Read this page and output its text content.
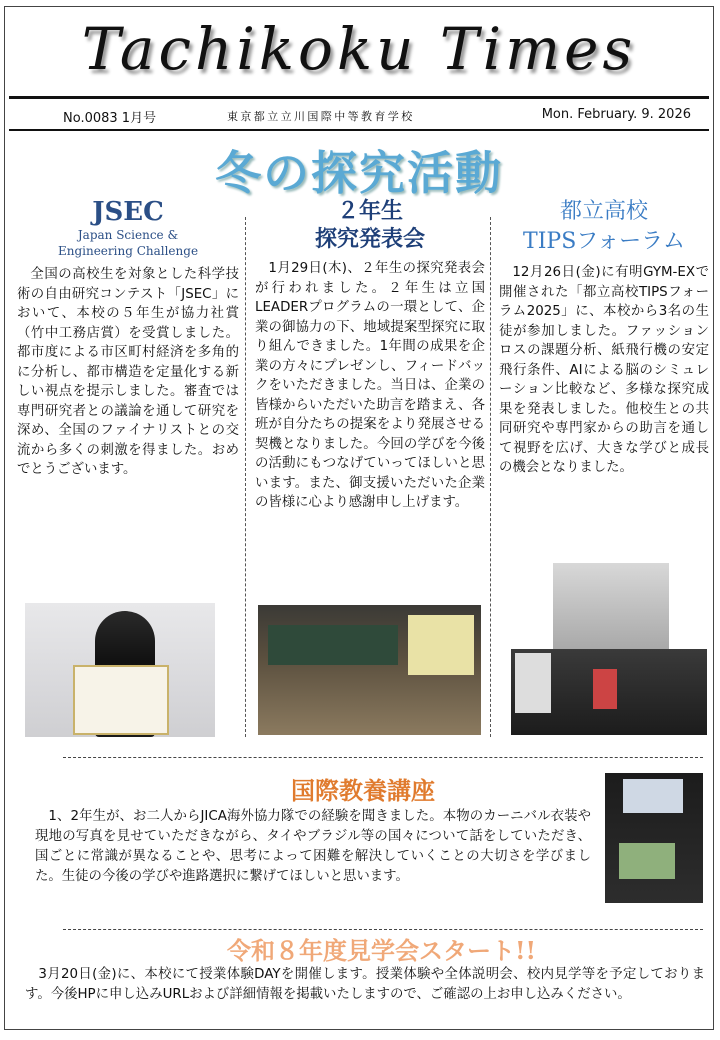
Tachikoku Times
No.0083 1月号	東京都立立川国際中等教育学校	Mon. February. 9. 2026
冬の探究活動
JSEC
Japan Science &
Engineering Challenge

全国の高校生を対象とした科学技術の自由研究コンテスト「JSEC」において、本校の５年生が協力社賞（竹中工務店賞）を受賞しました。都市度による市区町村経済を多角的に分析し、都市構造を定量化する新しい視点を提示しました。審査では専門研究者との議論を通して研究を深め、全国のファイナリストとの交流から多くの刺激を得ました。おめでとうございます。

２年生
探究発表会

1月29日(木)、２年生の探究発表会が行われました。２年生は立国LEADERプログラムの一環として、企業の御協力の下、地域提案型探究に取り組んできました。1年間の成果を企業の方々にプレゼンし、フィードバックをいただきました。当日は、企業の皆様からいただいた助言を踏まえ、各班が自分たちの提案をより発展させる契機となりました。今回の学びを今後の活動にもつなげていってほしいと思います。また、御支援いただいた企業の皆様に心より感謝申し上げます。

都立高校
TIPSフォーラム

12月26日(金)に有明GYM-EXで開催された「都立高校TIPSフォーラム2025」に、本校から3名の生徒が参加しました。ファッションロスの課題分析、紙飛行機の安定飛行条件、AIによる脳のシミュレーション比較など、多様な探究成果を発表しました。他校生との共同研究や専門家からの助言を通して視野を広げ、大きな学びと成長の機会となりました。

国際教養講座
1、2年生が、お二人からJICA海外協力隊での経験を聞きました。本物のカーニバル衣装や現地の写真を見せていただきながら、タイやブラジル等の国々について話をしていただき、国ごとに常識が異なることや、思考によって困難を解決していくことの大切さを学びました。生徒の今後の学びや進路選択に繋げてほしいと思います。
令和８年度見学会スタート!!
3月20日(金)に、本校にて授業体験DAYを開催します。授業体験や全体説明会、校内見学等を予定しております。今後HPに申し込みURLおよび詳細情報を掲載いたしますので、ご確認の上お申し込みください。
